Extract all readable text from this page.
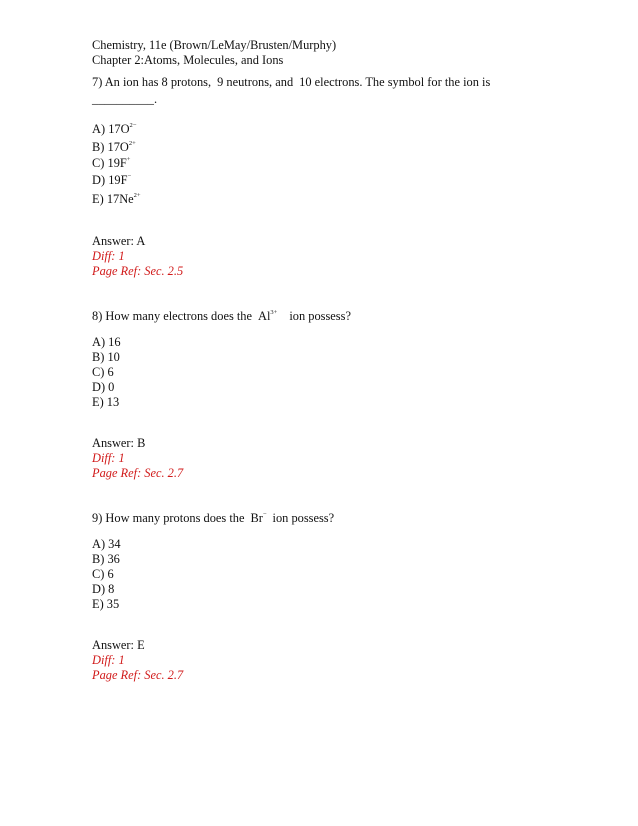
Chemistry, 11e (Brown/LeMay/Brusten/Murphy)
Chapter 2:Atoms, Molecules, and Ions
7) An ion has 8 protons, 9 neutrons, and 10 electrons. The symbol for the ion is
__________.
A) $17O^{2-}$
B) $17O^{2+}$
C) 19F+
D) 19F−
E) $17Ne^{2+}$
Answer: A
Diff: 1
Page Ref: Sec. 2.5
8) How many electrons does the $Al^{3+}$ ion possess?
A) 16
B) 10
C) 6
D) 0
E) 13
Answer: B
Diff: 1
Page Ref: Sec. 2.7
9) How many protons does the Br− ion possess?
A) 34
B) 36
C) 6
D) 8
E) 35
Answer: E
Diff: 1
Page Ref: Sec. 2.7
